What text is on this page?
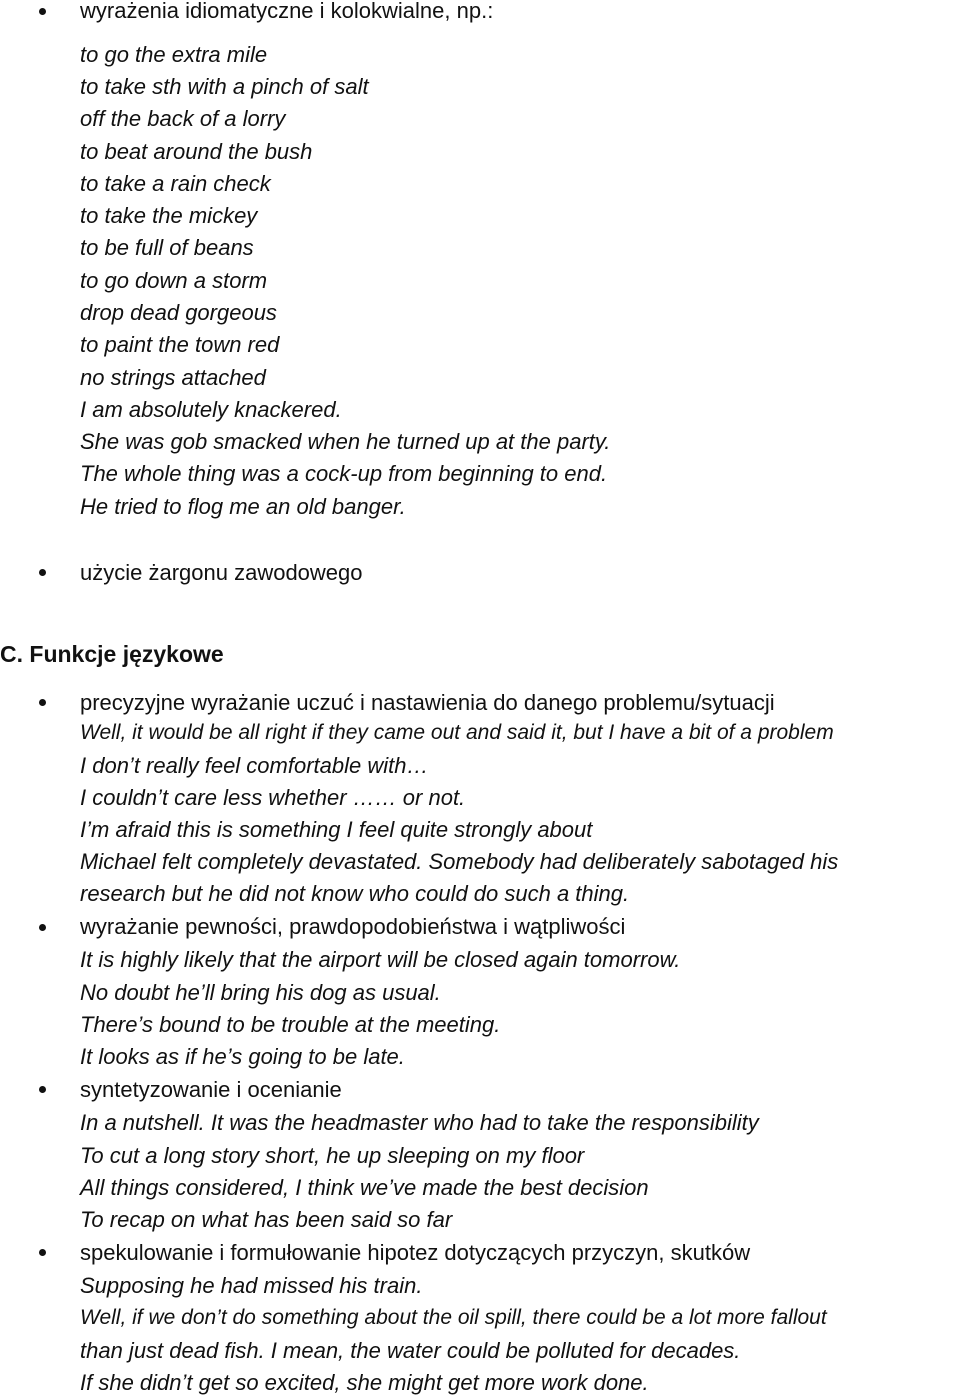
wyrażenia idiomatyczne i kolokwialne, np.:

to go the extra mile

to take sth with a pinch of salt

off the back of a lorry

to beat around the bush

to take a rain check

to take the mickey

to be full of beans

to go down a storm

drop dead gorgeous

to paint the town red

no strings attached

I am absolutely knackered.

She was gob smacked when he turned up at the party.

The whole thing was a cock-up from beginning to end.

He tried to flog me an old banger.

użycie żargonu zawodowego

C. Funkcje językowe

precyzyjne wyrażanie uczuć i nastawienia do danego problemu/sytuacji

Well, it would be all right if they came out and said it, but I have a bit of a problem

I don’t really feel comfortable with…

I couldn’t care less whether …… or not.

I’m afraid this is something I feel quite strongly about

Michael felt completely devastated. Somebody had deliberately sabotaged his

research but he did not know who could do such a thing.

wyrażanie pewności, prawdopodobieństwa i wątpliwości

It is highly likely that the airport will be closed again tomorrow.

No doubt he’ll bring his dog as usual.

There’s bound to be trouble at the meeting.

It looks as if he’s going to be late.

syntetyzowanie i ocenianie

In a nutshell. It was the headmaster who had to take the responsibility

To cut a long story short, he up sleeping on my floor

All things considered, I think we’ve made the best decision

To recap on what has been said so far

spekulowanie i formułowanie hipotez dotyczących przyczyn, skutków

Supposing he had missed his train.

Well, if we don’t do something about the oil spill, there could be a lot more fallout

than just dead fish. I mean, the water could be polluted for decades.

If she didn’t get so excited, she might get more work done.
